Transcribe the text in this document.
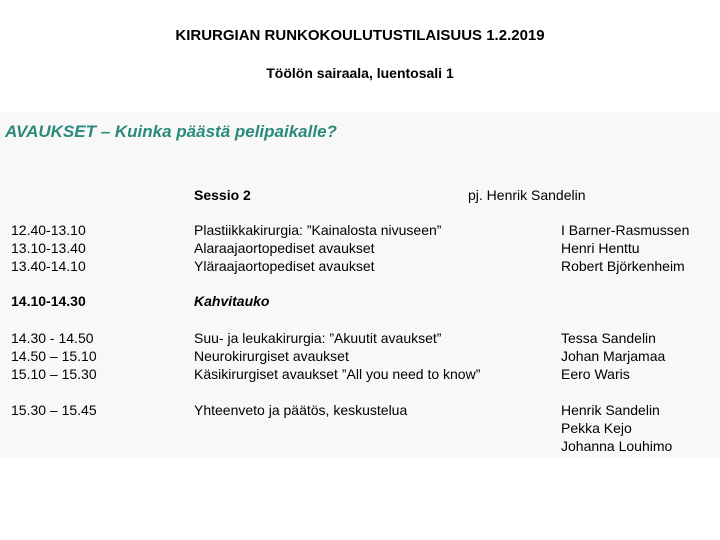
KIRURGIAN RUNKOKOULUTUSTILAISUUS 1.2.2019
Töölön sairaala, luentosali 1
AVAUKSET – Kuinka päästä pelipaikalle?
Sessio 2	pj. Henrik Sandelin
12.40-13.10	Plastiikkakirurgia: ”Kainalosta nivuseen”	I Barner-Rasmussen
13.10-13.40	Alaraajaortopediset avaukset	Henri Henttu
13.40-14.10	Yläraajaortopediset avaukset	Robert Björkenheim
14.10-14.30	Kahvitauko
14.30 - 14.50	Suu- ja leukakirurgia: ”Akuutit avaukset”	Tessa Sandelin
14.50 – 15.10	Neurokirurgiset avaukset	Johan Marjamaa
15.10 – 15.30	Käsikirurgiset avaukset ”All you need to know”	Eero Waris
15.30 – 15.45	Yhteenveto ja päätös, keskustelua	Henrik Sandelin
Pekka Kejo
Johanna Louhimo
